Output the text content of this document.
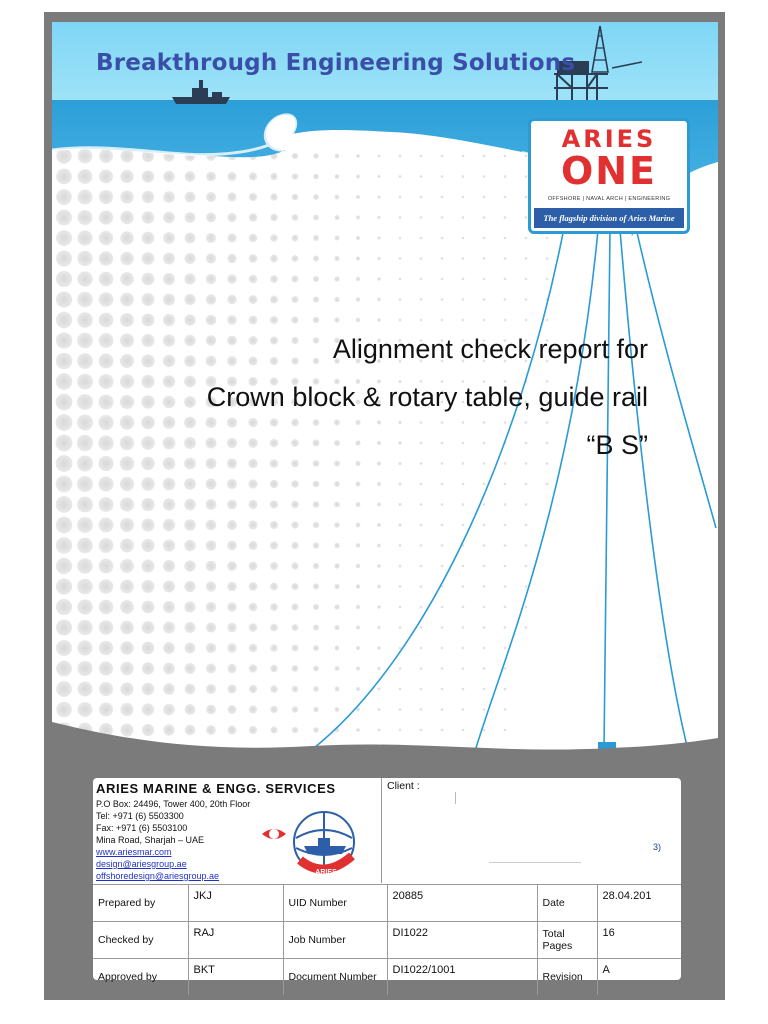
Breakthrough Engineering Solutions
ARIES
ONE
OFFSHORE | NAVAL ARCH | ENGINEERING
The flagship division of Aries Marine
Alignment check report for
Crown block & rotary table, guide rail
“B S”
ARIES MARINE & ENGG. SERVICES
P.O Box: 24496, Tower 400, 20th Floor
Tel: +971 (6) 5503300
Fax: +971 (6) 5503100
Mina Road, Sharjah – UAE
www.ariesmar.com
design@ariesgroup.ae
offshoredesign@ariesgroup.ae	ARIES
Client :
3)
Prepared by	JKJ	UID Number	20885	Date	28.04.201
Checked by	RAJ	Job Number	DI1022	Total Pages	16
Approved by	BKT	Document Number	DI1022/1001	Revision	A
